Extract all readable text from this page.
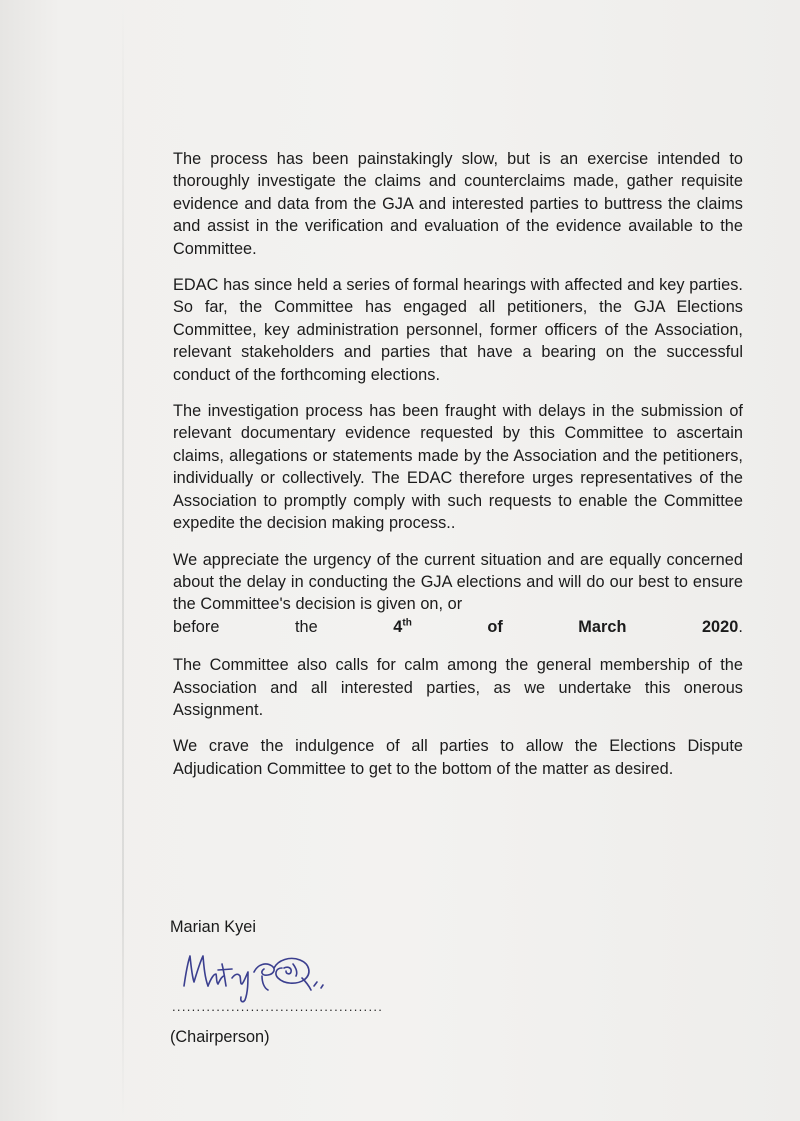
The process has been painstakingly slow, but is an exercise intended to thoroughly investigate the claims and counterclaims made, gather requisite evidence and data from the GJA and interested parties to buttress the claims and assist in the verification and evaluation of the evidence available to the Committee.

EDAC has since held a series of formal hearings with affected and key parties. So far, the Committee has engaged all petitioners, the GJA Elections Committee, key administration personnel, former officers of the Association, relevant stakeholders and parties that have a bearing on the successful conduct of the forthcoming elections.

The investigation process has been fraught with delays in the submission of relevant documentary evidence requested by this Committee to ascertain claims, allegations or statements made by the Association and the petitioners, individually or collectively. The EDAC therefore urges representatives of the Association to promptly comply with such requests to enable the Committee expedite the decision making process..

We appreciate the urgency of the current situation and are equally concerned about the delay in conducting the GJA elections and will do our best to ensure the Committee's decision is given on, or
before	the	4th	of	March	2020 .

The Committee also calls for calm among the general membership of the Association and all interested parties, as we undertake this onerous Assignment.

We crave the indulgence of all parties to allow the Elections Dispute Adjudication Committee to get to the bottom of the matter as desired.

Marian Kyei
...........................................
(Chairperson)
